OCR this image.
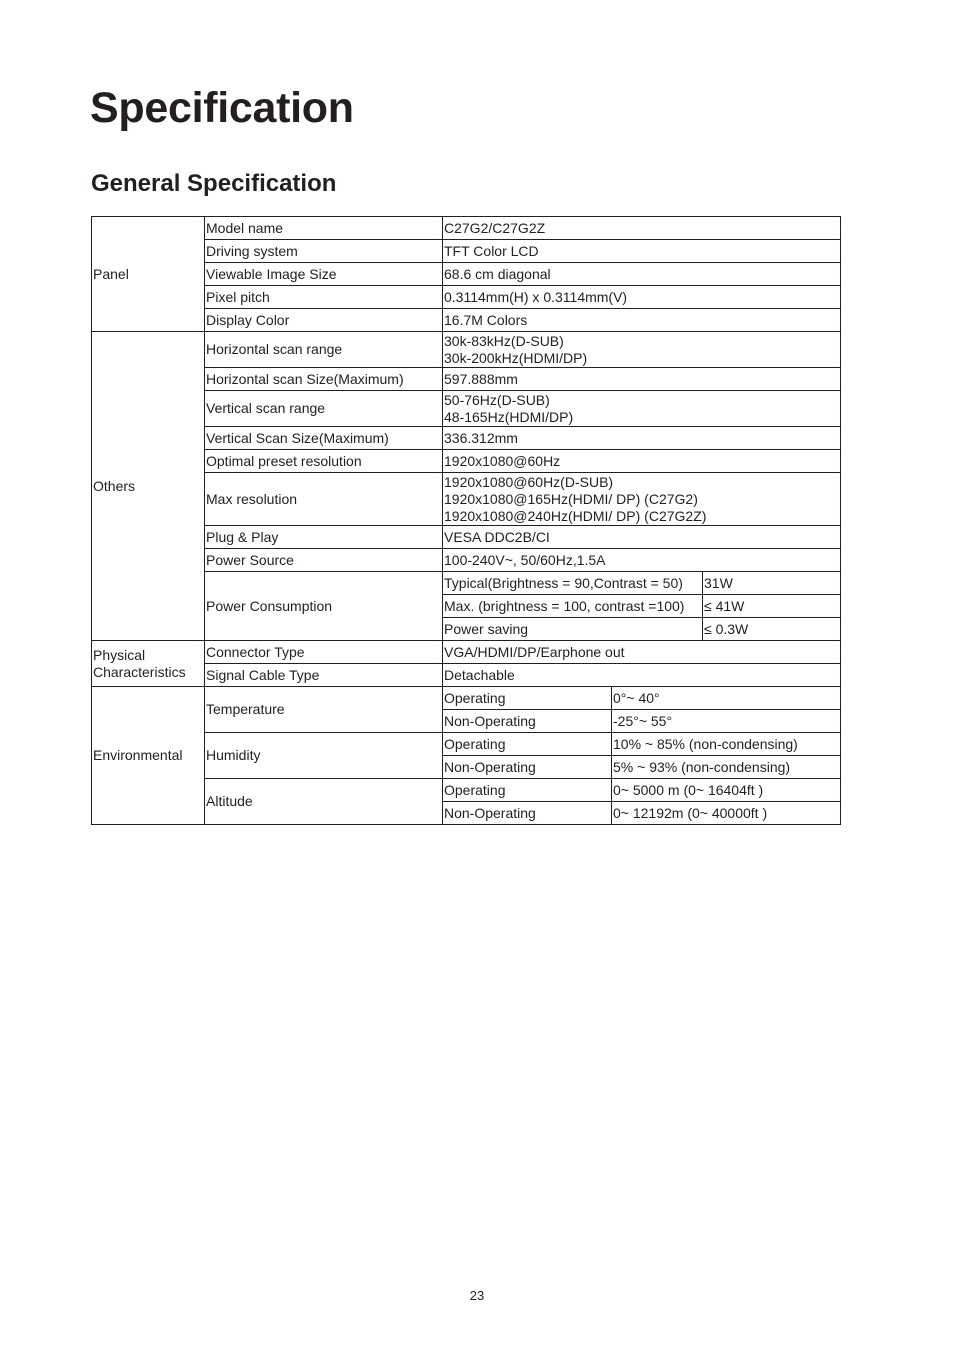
Specification
General Specification
Panel	Model name	C27G2/C27G2Z		
	Driving system	TFT Color LCD		
	Viewable Image Size	68.6 cm diagonal		
	Pixel pitch	0.3114mm(H) x 0.3114mm(V)		
	Display Color	16.7M Colors		
Others	Horizontal scan range	30k-83kHz(D-SUB)
30k-200kHz(HDMI/DP)		

	Horizontal scan Size(Maximum)	597.888mm		
	Vertical scan range	50-76Hz(D-SUB)
48-165Hz(HDMI/DP)		

	Vertical Scan Size(Maximum)	336.312mm		
	Optimal preset resolution	1920x1080@60Hz		
	Max resolution	1920x1080@60Hz(D-SUB)
1920x1080@165Hz(HDMI/ DP) (C27G2)
1920x1080@240Hz(HDMI/ DP) (C27G2Z)		

	Plug & Play	VESA DDC2B/CI		
	Power Source	100-240V~, 50/60Hz,1.5A		
	Power Consumption	Typical(Brightness = 90,Contrast = 50)		31W
		Max. (brightness = 100, contrast =100)		≤ 41W
		Power saving		≤ 0.3W

Physical
Characteristics	Connector Type	VGA/HDMI/DP/Earphone out		
	Signal Cable Type	Detachable		
Environmental	Temperature	Operating	0°~ 40°	
		Non-Operating	-25°~ 55°	
	Humidity	Operating	10% ~ 85% (non-condensing)	
		Non-Operating	5% ~ 93% (non-condensing)	
	Altitude	Operating	0~ 5000 m (0~ 16404ft )	
		Non-Operating	0~ 12192m (0~ 40000ft )	
23
